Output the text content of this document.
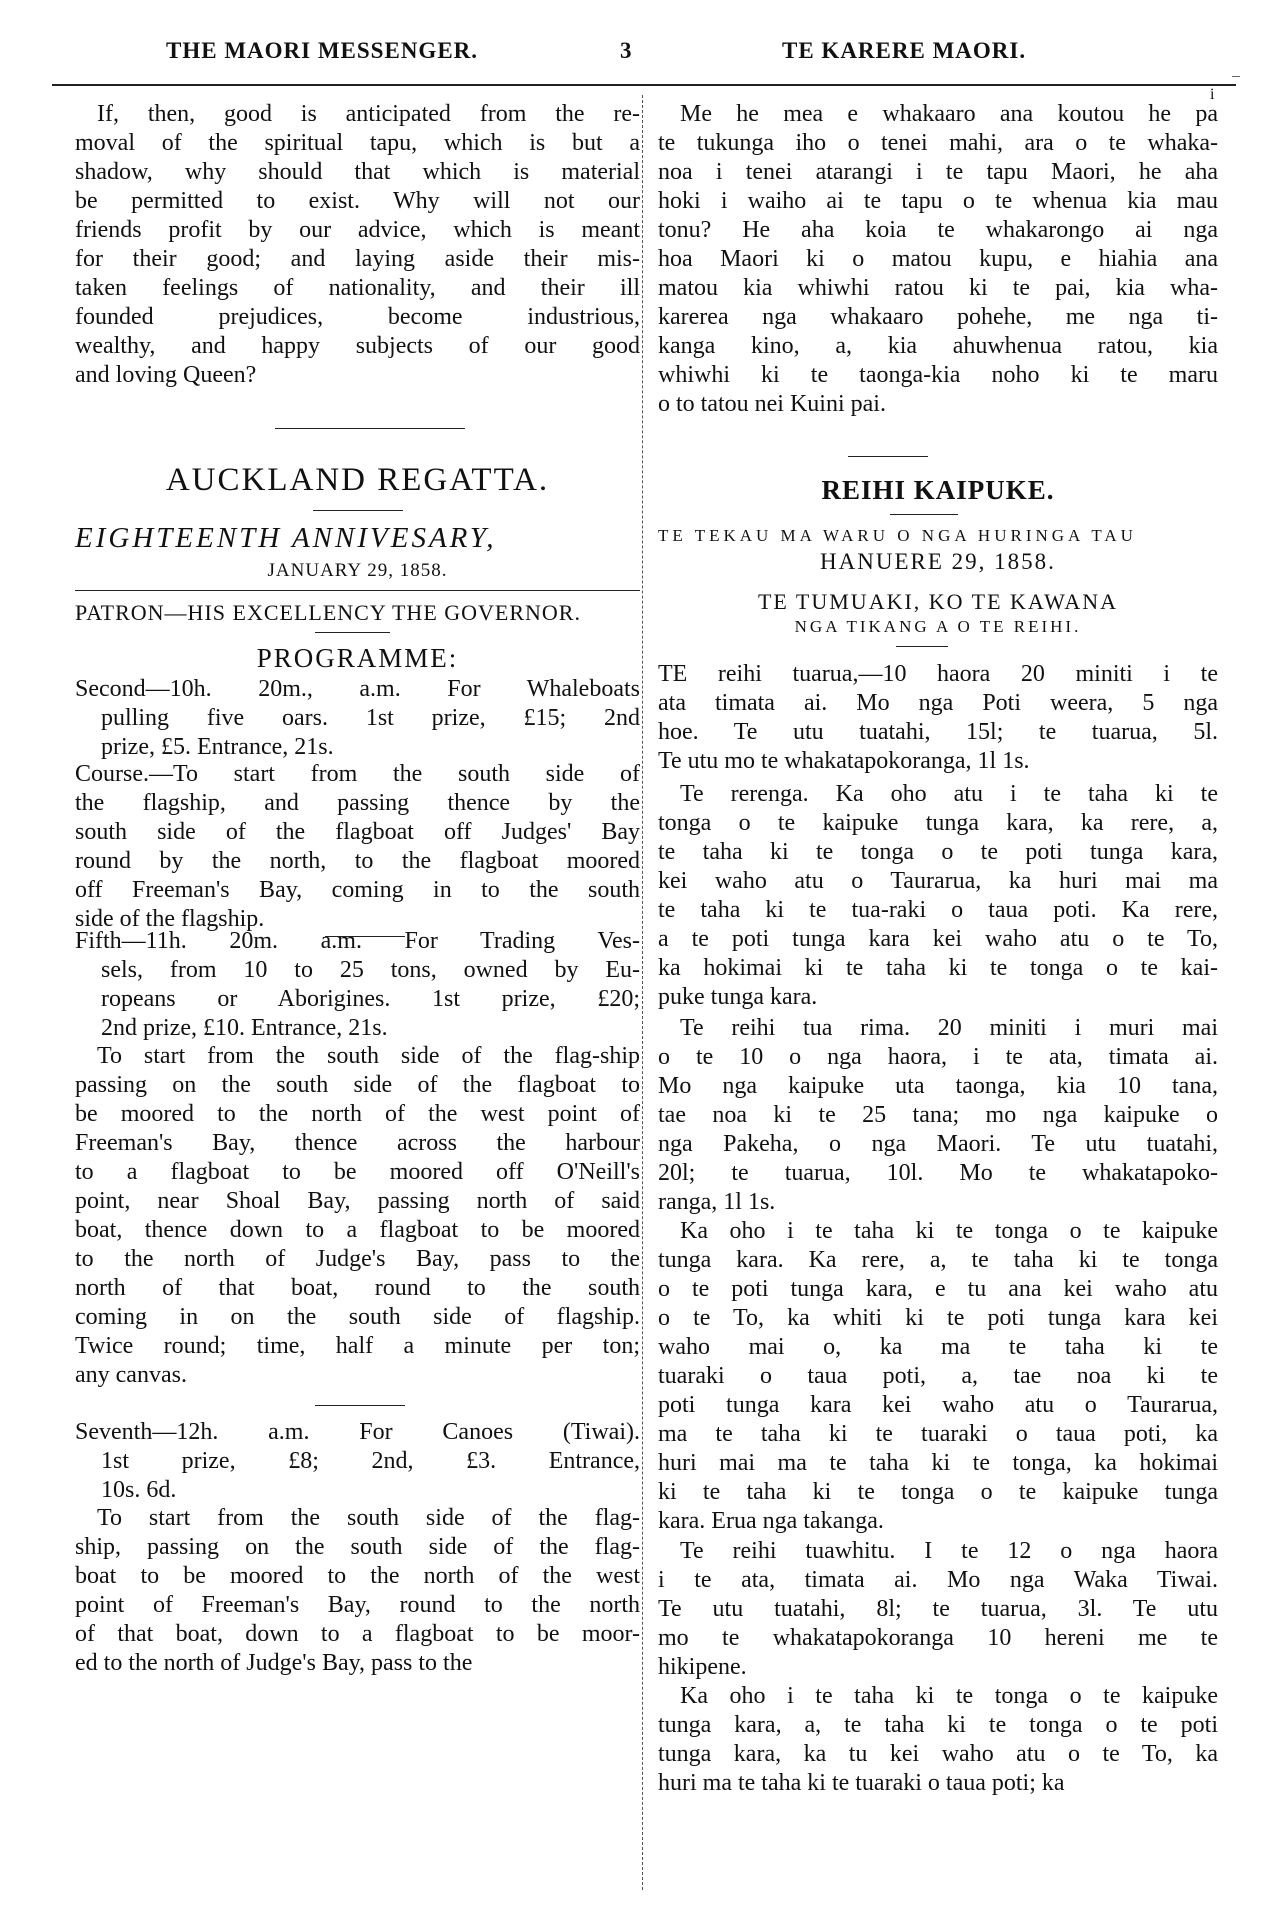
THE MAORI MESSENGER.	3	TE KARERE MAORI.
If, then, good is anticipated from the re-
moval of the spiritual tapu, which is but a
shadow, why should that which is material
be permitted to exist. Why will not our
friends profit by our advice, which is meant
for their good; and laying aside their mis-
taken feelings of nationality, and their ill
founded prejudices, become industrious,
wealthy, and happy subjects of our good
and loving Queen?
AUCKLAND REGATTA.
EIGHTEENTH ANNIVESARY,
JANUARY 29, 1858.
PATRON—HIS EXCELLENCY THE GOVERNOR.
PROGRAMME:
Second—10h. 20m., a.m. For Whaleboats
pulling five oars. 1st prize, £15; 2nd
prize, £5. Entrance, 21s.
Course.—To start from the south side of
the flagship, and passing thence by the
south side of the flagboat off Judges' Bay
round by the north, to the flagboat moored
off Freeman's Bay, coming in to the south
side of the flagship.
Fifth—11h. 20m. a.m. For Trading Ves-
sels, from 10 to 25 tons, owned by Eu-
ropeans or Aborigines. 1st prize, £20;
2nd prize, £10. Entrance, 21s.
To start from the south side of the flag-ship
passing on the south side of the flagboat to
be moored to the north of the west point of
Freeman's Bay, thence across the harbour
to a flagboat to be moored off O'Neill's
point, near Shoal Bay, passing north of said
boat, thence down to a flagboat to be moored
to the north of Judge's Bay, pass to the
north of that boat, round to the south
coming in on the south side of flagship.
Twice round; time, half a minute per ton;
any canvas.
Seventh—12h. a.m. For Canoes (Tiwai).
1st prize, £8; 2nd, £3. Entrance,
10s. 6d.
To start from the south side of the flag-
ship, passing on the south side of the flag-
boat to be moored to the north of the west
point of Freeman's Bay, round to the north
of that boat, down to a flagboat to be moor-
ed to the north of Judge's Bay, pass to the
i
Me he mea e whakaaro ana koutou he pa
te tukunga iho o tenei mahi, ara o te whaka-
noa i tenei atarangi i te tapu Maori, he aha
hoki i waiho ai te tapu o te whenua kia mau
tonu? He aha koia te whakarongo ai nga
hoa Maori ki o matou kupu, e hiahia ana
matou kia whiwhi ratou ki te pai, kia wha-
karerea nga whakaaro pohehe, me nga ti-
kanga kino, a, kia ahuwhenua ratou, kia
whiwhi ki te taonga-kia noho ki te maru
o to tatou nei Kuini pai.
REIHI KAIPUKE.
TE TEKAU MA WARU O NGA HURINGA TAU
HANUERE 29, 1858.
TE TUMUAKI, KO TE KAWANA
NGA TIKANG A O TE REIHI.
TE reihi tuarua,—10 haora 20 miniti i te
ata timata ai. Mo nga Poti weera, 5 nga
hoe. Te utu tuatahi, 15l; te tuarua, 5l.
Te utu mo te whakatapokoranga, 1l 1s.
Te rerenga. Ka oho atu i te taha ki te
tonga o te kaipuke tunga kara, ka rere, a,
te taha ki te tonga o te poti tunga kara,
kei waho atu o Taurarua, ka huri mai ma
te taha ki te tua-raki o taua poti. Ka rere,
a te poti tunga kara kei waho atu o te To,
ka hokimai ki te taha ki te tonga o te kai-
puke tunga kara.
Te reihi tua rima. 20 miniti i muri mai
o te 10 o nga haora, i te ata, timata ai.
Mo nga kaipuke uta taonga, kia 10 tana,
tae noa ki te 25 tana; mo nga kaipuke o
nga Pakeha, o nga Maori. Te utu tuatahi,
20l; te tuarua, 10l. Mo te whakatapoko-
ranga, 1l 1s.
Ka oho i te taha ki te tonga o te kaipuke
tunga kara. Ka rere, a, te taha ki te tonga
o te poti tunga kara, e tu ana kei waho atu
o te To, ka whiti ki te poti tunga kara kei
waho mai o, ka ma te taha ki te
tuaraki o taua poti, a, tae noa ki te
poti tunga kara kei waho atu o Taurarua,
ma te taha ki te tuaraki o taua poti, ka
huri mai ma te taha ki te tonga, ka hokimai
ki te taha ki te tonga o te kaipuke tunga
kara. Erua nga takanga.
Te reihi tuawhitu. I te 12 o nga haora
i te ata, timata ai. Mo nga Waka Tiwai.
Te utu tuatahi, 8l; te tuarua, 3l. Te utu
mo te whakatapokoranga 10 hereni me te
hikipene.
Ka oho i te taha ki te tonga o te kaipuke
tunga kara, a, te taha ki te tonga o te poti
tunga kara, ka tu kei waho atu o te To, ka
huri ma te taha ki te tuaraki o taua poti; ka
